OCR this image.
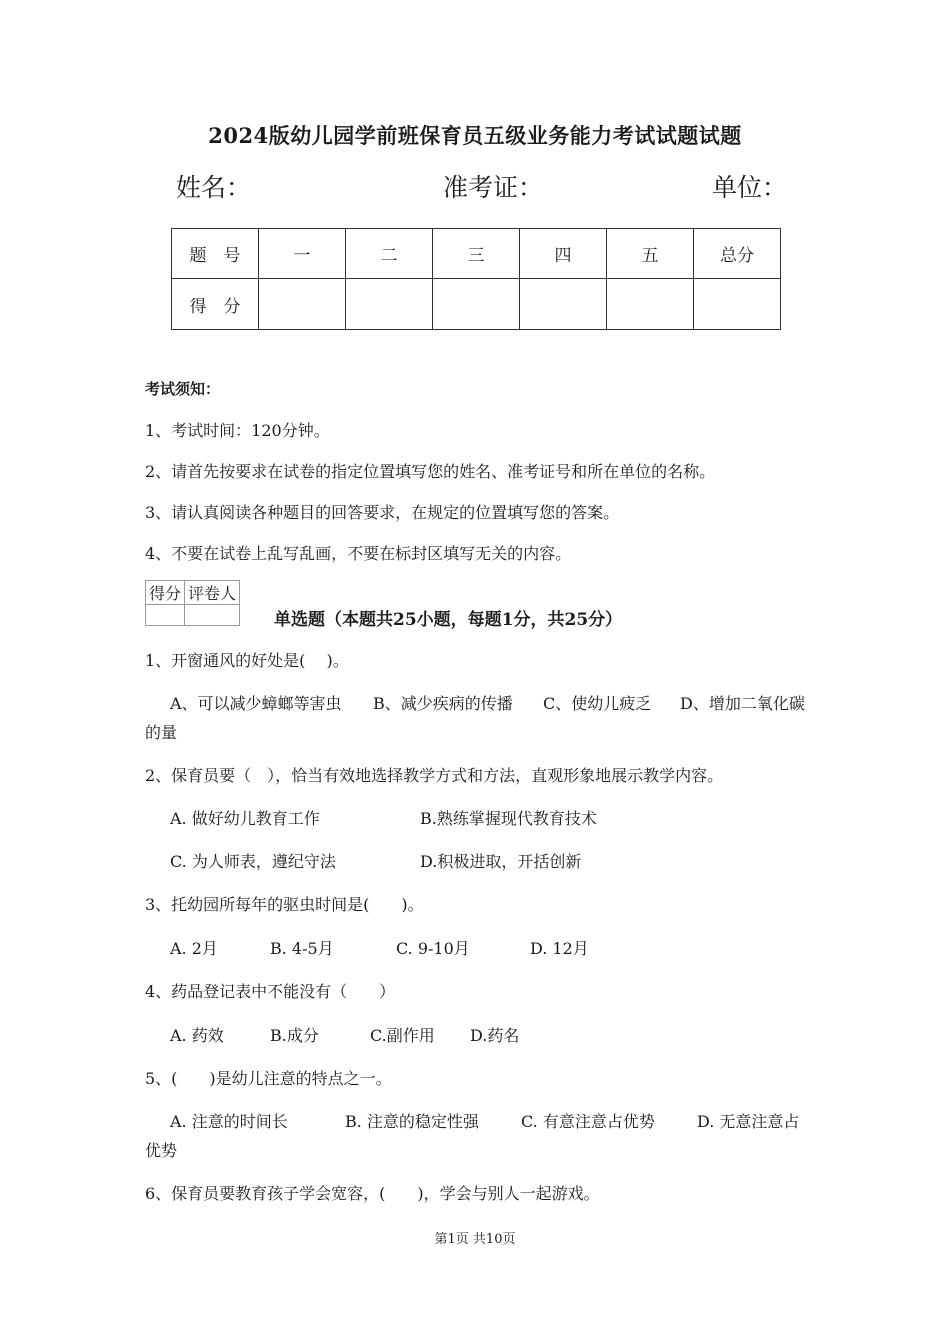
2024版幼儿园学前班保育员五级业务能力考试试题试题
姓名：	准考证：	单位：
题　号	一	二	三	四	五	总分
得　分						
考试须知：
1、考试时间：120分钟。
2、请首先按要求在试卷的指定位置填写您的姓名、准考证号和所在单位的名称。
3、请认真阅读各种题目的回答要求，在规定的位置填写您的答案。
4、不要在试卷上乱写乱画，不要在标封区填写无关的内容。
得分	评卷人

单选题（本题共25小题，每题1分，共25分）
1、开窗通风的好处是(　 )。
A、可以减少蟑螂等害虫 B、减少疾病的传播 C、使幼儿疲乏 D、增加二氧化碳
的量
2、保育员要（　），恰当有效地选择教学方式和方法，直观形象地展示教学内容。
A. 做好幼儿教育工作	B.熟练掌握现代教育技术
C. 为人师表，遵纪守法	D.积极进取，开括创新
3、托幼园所每年的驱虫时间是(　　)。
A. 2月	B. 4-5月	C. 9-10月	D. 12月
4、药品登记表中不能没有（　　）
A. 药效	B.成分	C.副作用 D.药名
5、(　　)是幼儿注意的特点之一。
A. 注意的时间长	B. 注意的稳定性强	C. 有意注意占优势	D. 无意注意占
优势
6、保育员要教育孩子学会宽容，(　　)，学会与别人一起游戏。
第1页 共10页
